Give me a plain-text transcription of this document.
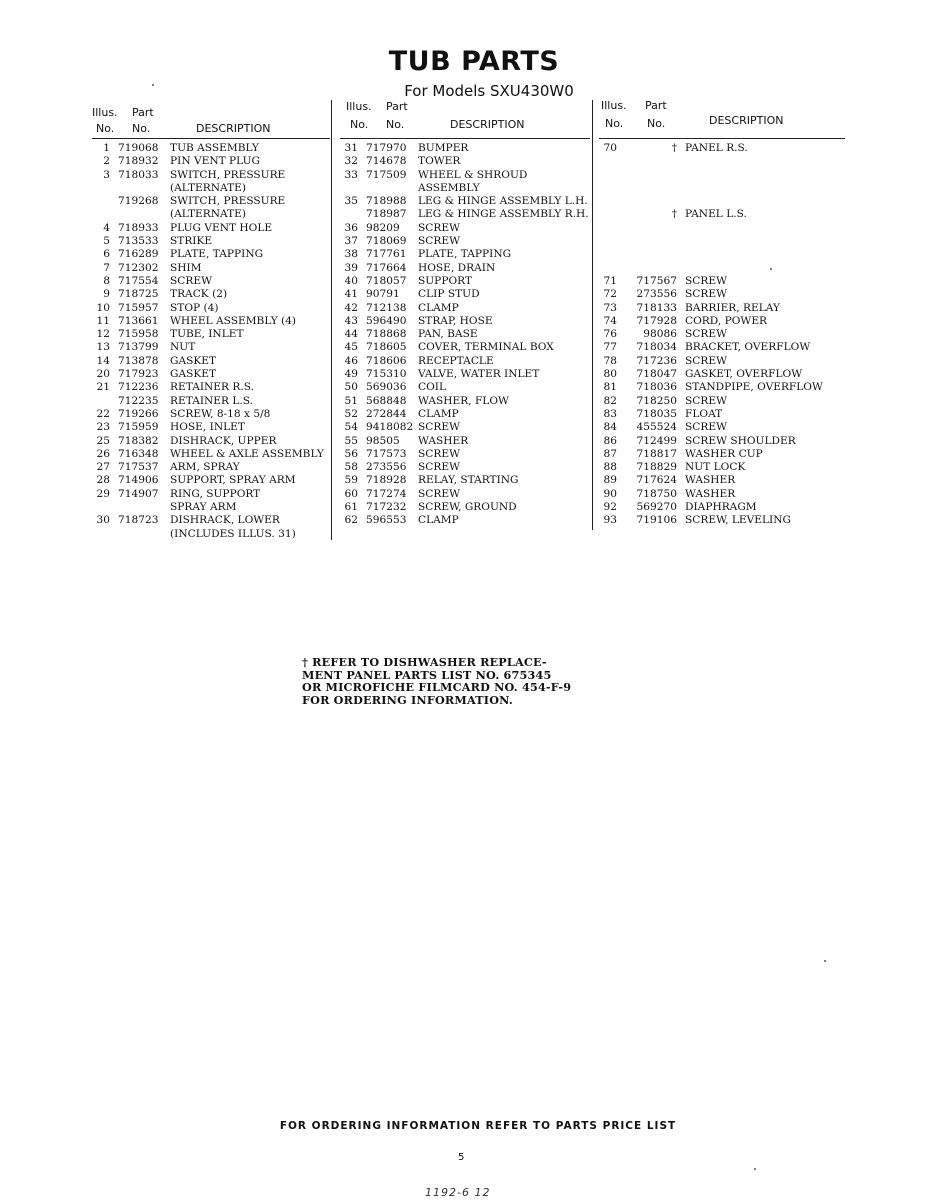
TUB PARTS
For Models SXU430W0
Illus. Part
No. No.	DESCRIPTION
1 719068 TUB ASSEMBLY
2 718932 PIN VENT PLUG
3 718033 SWITCH, PRESSURE
(ALTERNATE)
719268 SWITCH, PRESSURE
(ALTERNATE)
4 718933 PLUG VENT HOLE
5 713533 STRIKE
6 716289 PLATE, TAPPING
7 712302 SHIM
8 717554 SCREW
9 718725 TRACK (2)
10 715957 STOP (4)
11 713661 WHEEL ASSEMBLY (4)
12 715958 TUBE, INLET
13 713799 NUT
14 713878 GASKET
20 717923 GASKET
21 712236 RETAINER R.S.
712235 RETAINER L.S.
22 719266 SCREW, 8-18 x 5/8
23 715959 HOSE, INLET
25 718382 DISHRACK, UPPER
26 716348 WHEEL & AXLE ASSEMBLY
27 717537 ARM, SPRAY
28 714906 SUPPORT, SPRAY ARM
29 714907 RING, SUPPORT
SPRAY ARM
30 718723 DISHRACK, LOWER
(INCLUDES ILLUS. 31)
Illus. Part
No. No.	DESCRIPTION
31 717970 BUMPER
32 714678 TOWER
33 717509 WHEEL & SHROUD
ASSEMBLY
35 718988 LEG & HINGE ASSEMBLY L.H.
718987 LEG & HINGE ASSEMBLY R.H.
36 98209 SCREW
37 718069 SCREW
38 717761 PLATE, TAPPING
39 717664 HOSE, DRAIN
40 718057 SUPPORT
41 90791 CLIP STUD
42 712138 CLAMP
43 596490 STRAP, HOSE
44 718868 PAN, BASE
45 718605 COVER, TERMINAL BOX
46 718606 RECEPTACLE
49 715310 VALVE, WATER INLET
50 569036 COIL
51 568848 WASHER, FLOW
52 272844 CLAMP
54 9418082 SCREW
55 98505 WASHER
56 717573 SCREW
58 273556 SCREW
59 718928 RELAY, STARTING
60 717274 SCREW
61 717232 SCREW, GROUND
62 596553 CLAMP
Illus. Part
No. No.	DESCRIPTION
70	† PANEL R.S.
† PANEL L.S.
71	717567 SCREW
72	273556 SCREW
73	718133 BARRIER, RELAY
74	717928 CORD, POWER
76	98086 SCREW
77	718034 BRACKET, OVERFLOW
78	717236 SCREW
80	718047 GASKET, OVERFLOW
81	718036 STANDPIPE, OVERFLOW
82	718250 SCREW
83	718035 FLOAT
84	455524 SCREW
86	712499 SCREW SHOULDER
87	718817 WASHER CUP
88	718829 NUT LOCK
89	717624 WASHER
90	718750 WASHER
92	569270 DIAPHRAGM
93	719106 SCREW, LEVELING
† REFER TO DISHWASHER REPLACE-
MENT PANEL PARTS LIST NO. 675345
OR MICROFICHE FILMCARD NO. 454-F-9
FOR ORDERING INFORMATION.
FOR ORDERING INFORMATION REFER TO PARTS PRICE LIST
5
1192-6 12
